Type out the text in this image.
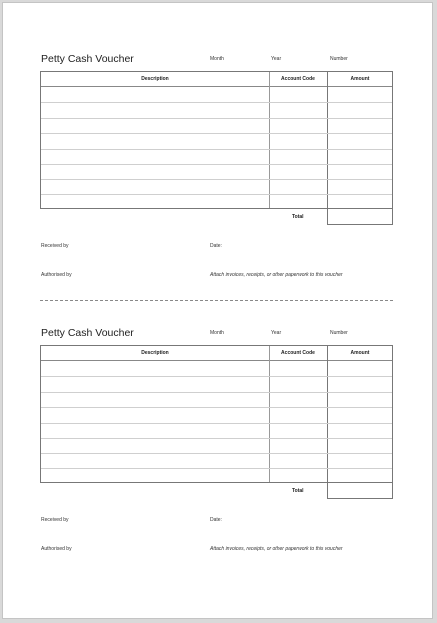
Petty Cash Voucher	Month	Year	Number
Description	Account Code	Amount
Total
Received by	Date:
Authorised by	Attach invoices, receipts, or other paperwork to this voucher
Petty Cash Voucher	Month	Year	Number
Description	Account Code	Amount
Total
Received by	Date:
Authorised by	Attach invoices, receipts, or other paperwork to this voucher
